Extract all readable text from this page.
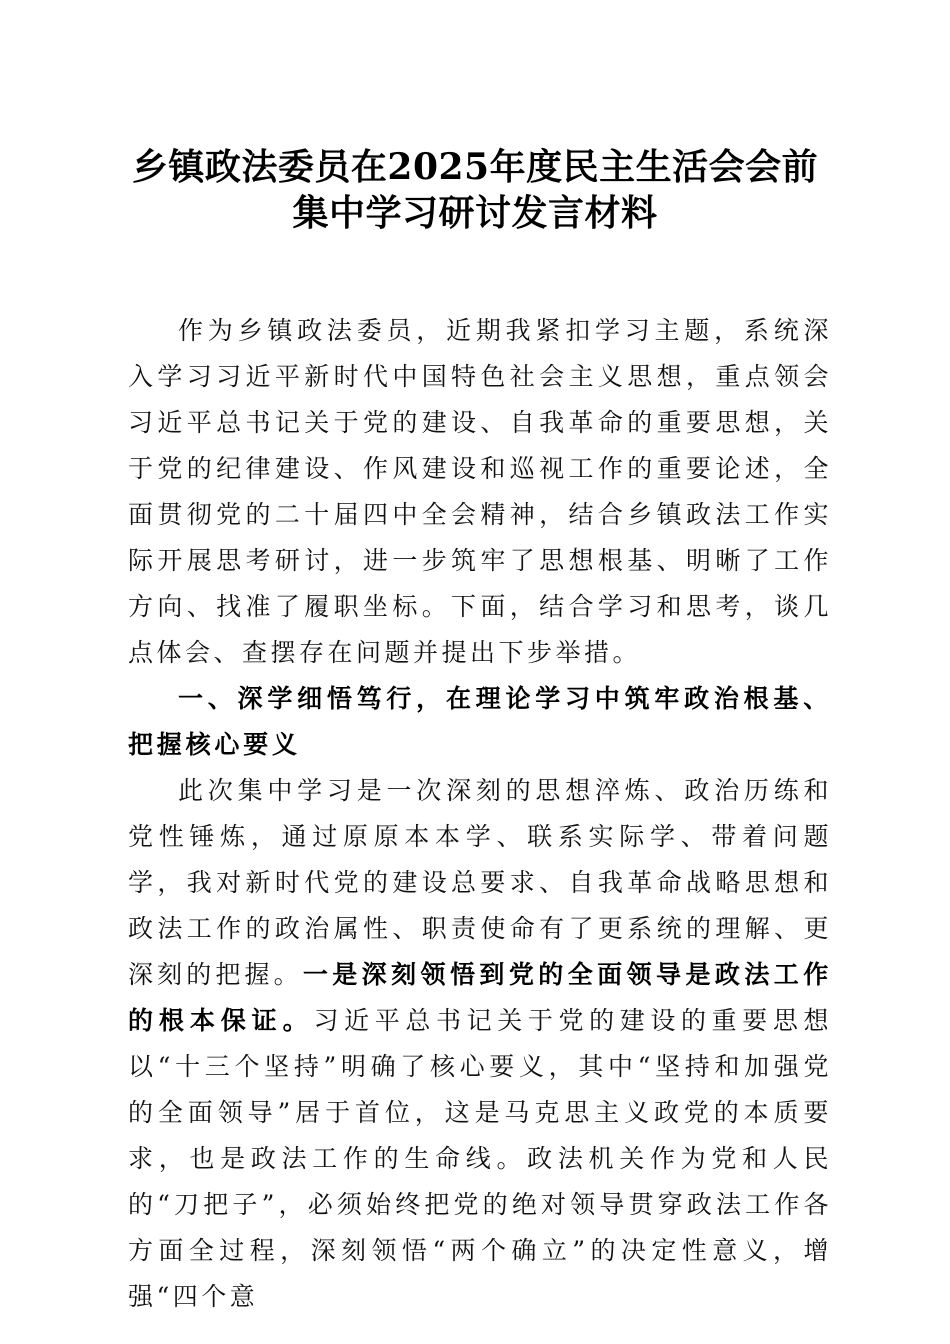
乡镇政法委员在2025年度民主生活会会前集中学习研讨发言材料

作为乡镇政法委员，近期我紧扣学习主题，系统深入学习习近平新时代中国特色社会主义思想，重点领会习近平总书记关于党的建设、自我革命的重要思想，关于党的纪律建设、作风建设和巡视工作的重要论述，全面贯彻党的二十届四中全会精神，结合乡镇政法工作实际开展思考研讨，进一步筑牢了思想根基、明晰了工作方向、找准了履职坐标。下面，结合学习和思考，谈几点体会、查摆存在问题并提出下步举措。

一、深学细悟笃行，在理论学习中筑牢政治根基、把握核心要义

此次集中学习是一次深刻的思想淬炼、政治历练和党性锤炼，通过原原本本学、联系实际学、带着问题学，我对新时代党的建设总要求、自我革命战略思想和政法工作的政治属性、职责使命有了更系统的理解、更深刻的把握。一是深刻领悟到党的全面领导是政法工作的根本保证。习近平总书记关于党的建设的重要思想以“十三个坚持”明确了核心要义，其中“坚持和加强党的全面领导”居于首位，这是马克思主义政党的本质要求，也是政法工作的生命线。政法机关作为党和人民的“刀把子”，必须始终把党的绝对领导贯穿政法工作各方面全过程，深刻领悟“两个确立”的决定性意义，增强“四个意
